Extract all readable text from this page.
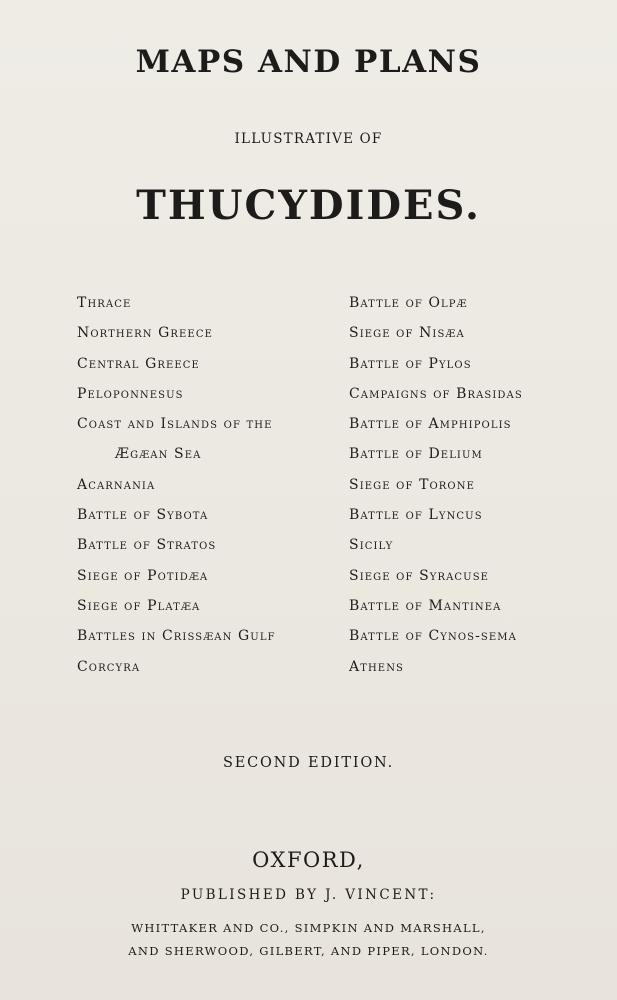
MAPS AND PLANS
ILLUSTRATIVE OF
THUCYDIDES.
Thrace
Northern Greece
Central Greece
Peloponnesus
Coast and Islands of the
Ægæan Sea
Acarnania
Battle of Sybota
Battle of Stratos
Siege of Potidæa
Siege of Platæa
Battles in Crissæan Gulf
Corcyra
Battle of Olpæ
Siege of Nisæa
Battle of Pylos
Campaigns of Brasidas
Battle of Amphipolis
Battle of Delium
Siege of Torone
Battle of Lyncus
Sicily
Siege of Syracuse
Battle of Mantinea
Battle of Cynos-sema
Athens
SECOND EDITION.
OXFORD,
PUBLISHED BY J. VINCENT:
WHITTAKER AND CO., SIMPKIN AND MARSHALL,
AND SHERWOOD, GILBERT, AND PIPER, LONDON.
